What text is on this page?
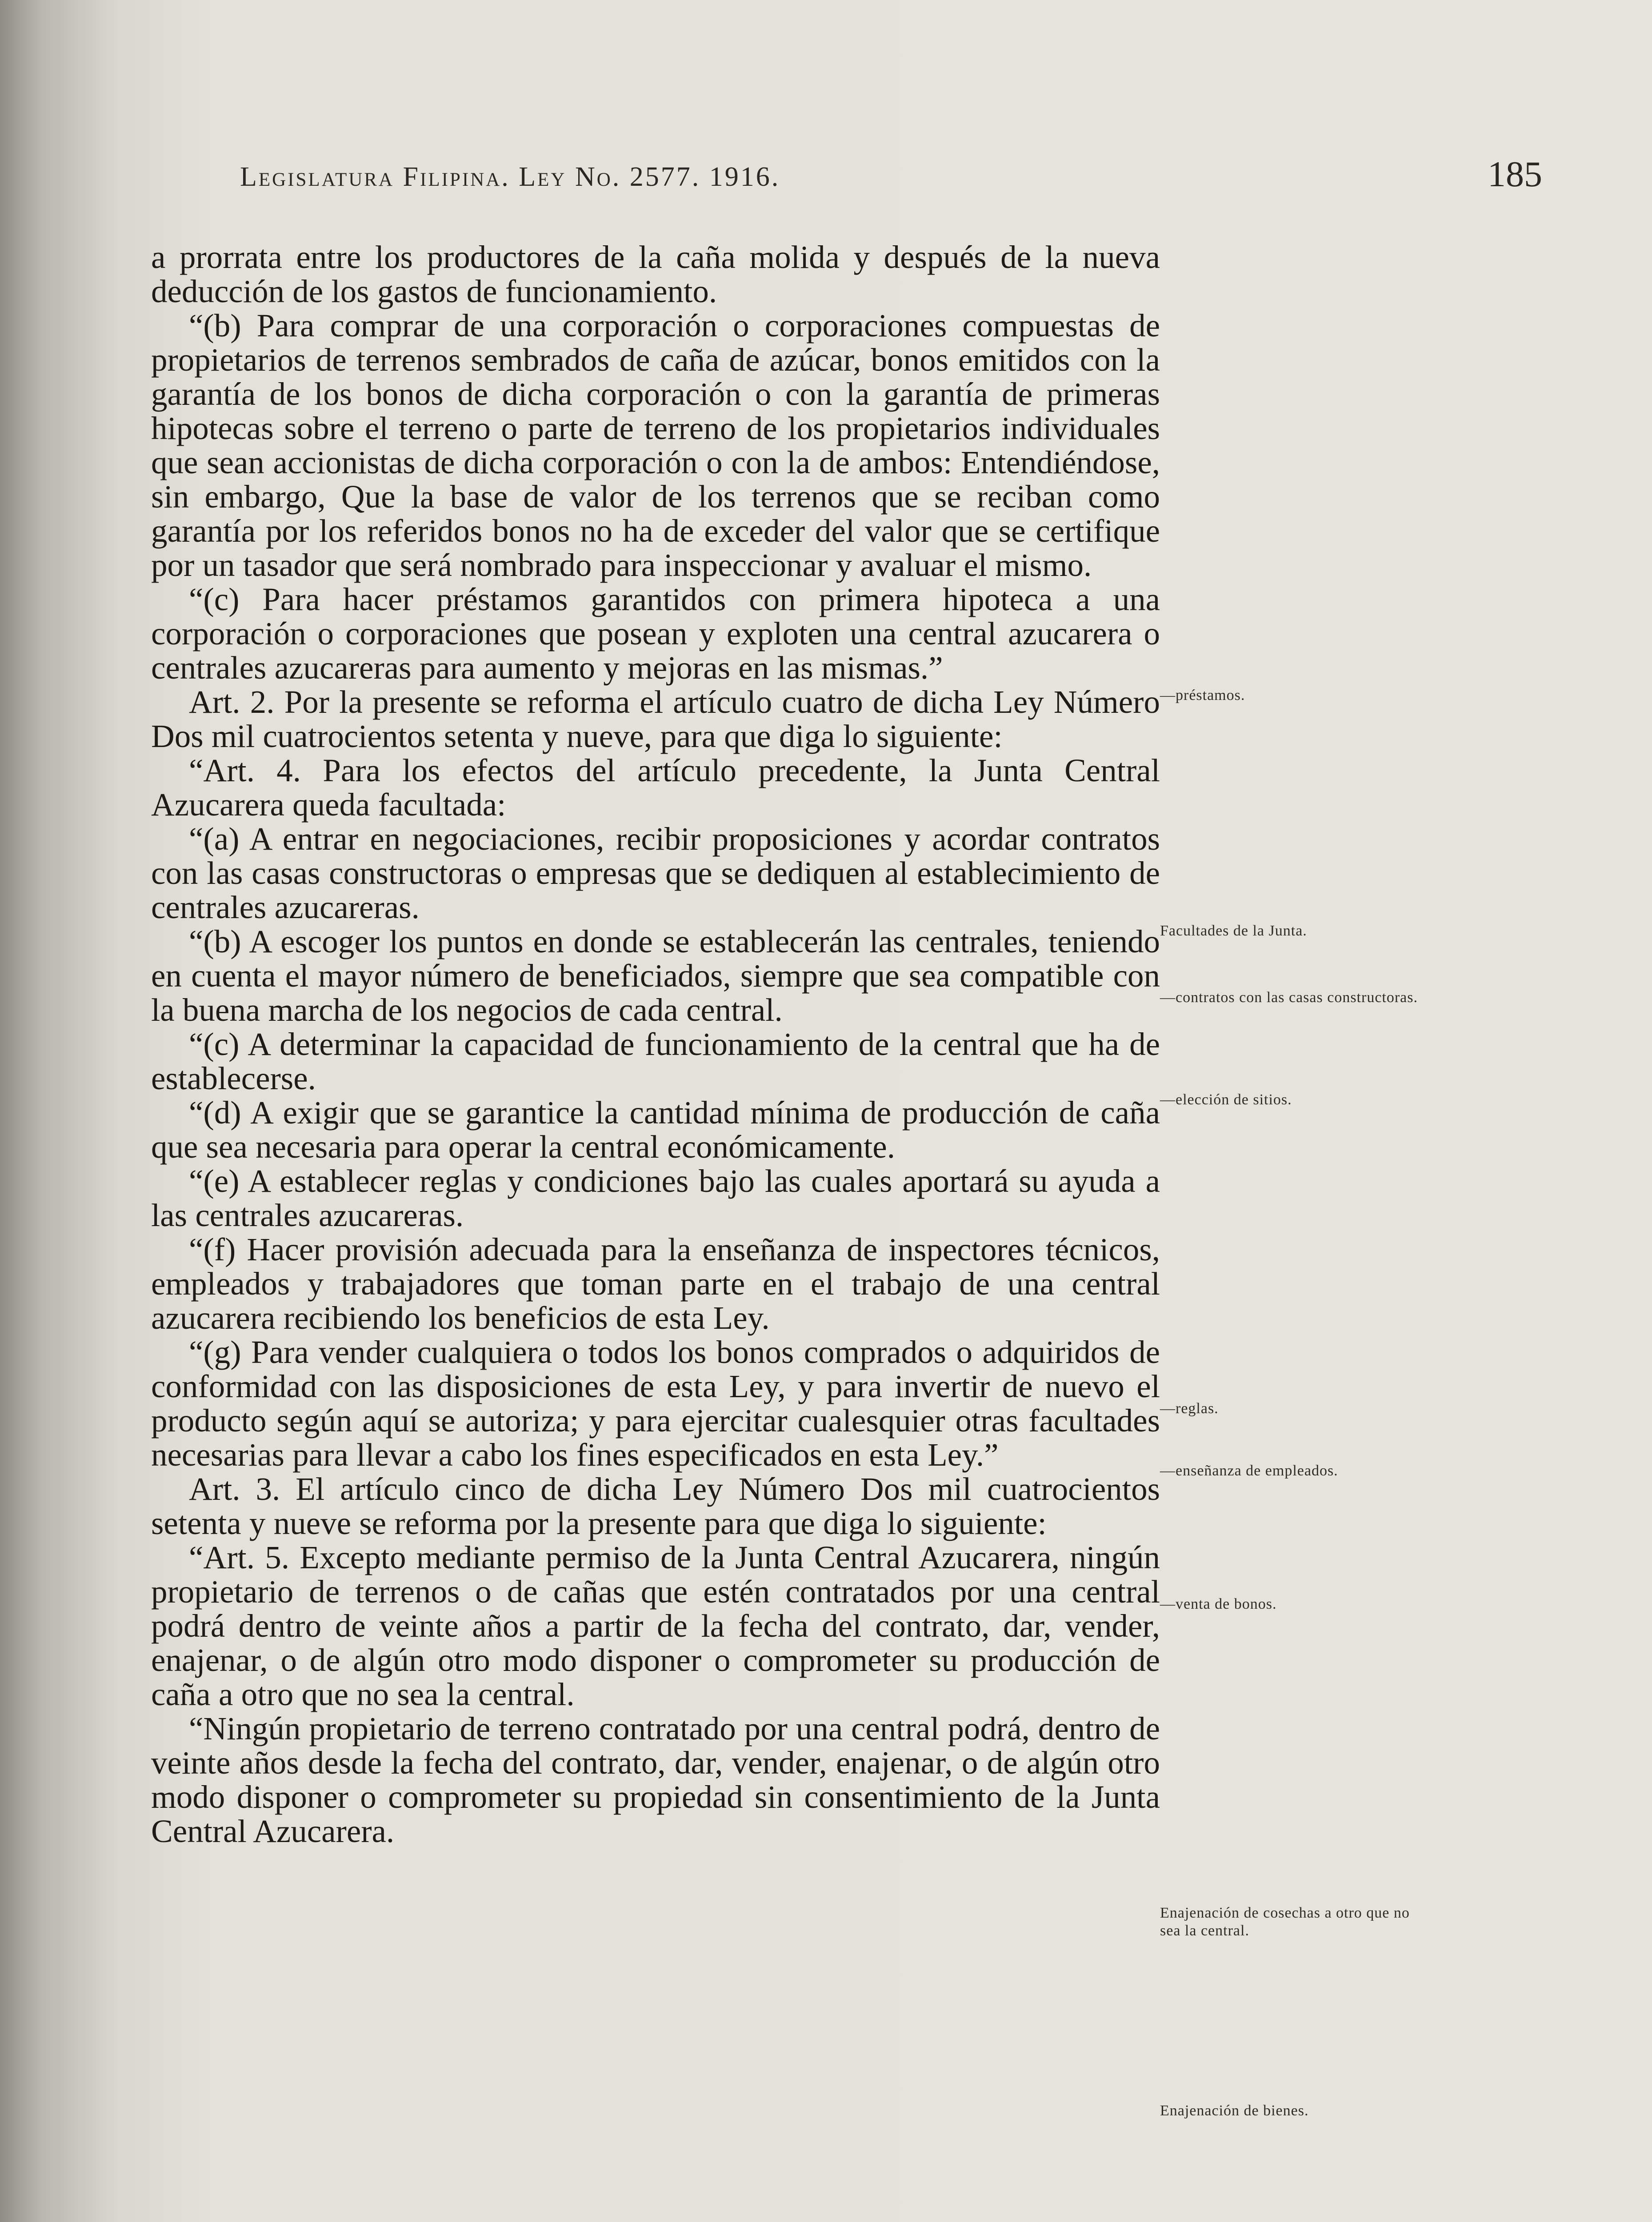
Legislatura Filipina. Ley No. 2577. 1916.	185

a prorrata entre los productores de la caña molida y después de la nueva deducción de los gastos de funcionamiento.

“(b) Para comprar de una corporación o corporaciones compuestas de propietarios de terrenos sembrados de caña de azúcar, bonos emitidos con la garantía de los bonos de dicha corporación o con la garantía de primeras hipotecas sobre el terreno o parte de terreno de los propietarios individuales que sean accionistas de dicha corporación o con la de ambos: Entendiéndose, sin embargo, Que la base de valor de los terrenos que se reciban como garantía por los referidos bonos no ha de exceder del valor que se certifique por un tasador que será nombrado para inspeccionar y avaluar el mismo.

“(c) Para hacer préstamos garantidos con primera hipoteca a una corporación o corporaciones que posean y exploten una central azucarera o centrales azucareras para aumento y mejoras en las mismas.”

Art. 2. Por la presente se reforma el artículo cuatro de dicha Ley Número Dos mil cuatrocientos setenta y nueve, para que diga lo siguiente:

“Art. 4. Para los efectos del artículo precedente, la Junta Central Azucarera queda facultada:

“(a) A entrar en negociaciones, recibir proposiciones y acordar contratos con las casas constructoras o empresas que se dediquen al establecimiento de centrales azucareras.

“(b) A escoger los puntos en donde se establecerán las centrales, teniendo en cuenta el mayor número de beneficiados, siempre que sea compatible con la buena marcha de los negocios de cada central.

“(c) A determinar la capacidad de funcionamiento de la central que ha de establecerse.

“(d) A exigir que se garantice la cantidad mínima de producción de caña que sea necesaria para operar la central económicamente.

“(e) A establecer reglas y condiciones bajo las cuales aportará su ayuda a las centrales azucareras.

“(f) Hacer provisión adecuada para la enseñanza de inspectores técnicos, empleados y trabajadores que toman parte en el trabajo de una central azucarera recibiendo los beneficios de esta Ley.

“(g) Para vender cualquiera o todos los bonos comprados o adquiridos de conformidad con las disposiciones de esta Ley, y para invertir de nuevo el producto según aquí se autoriza; y para ejercitar cualesquier otras facultades necesarias para llevar a cabo los fines especificados en esta Ley.”

Art. 3. El artículo cinco de dicha Ley Número Dos mil cuatrocientos setenta y nueve se reforma por la presente para que diga lo siguiente:

“Art. 5. Excepto mediante permiso de la Junta Central Azucarera, ningún propietario de terrenos o de cañas que estén contratados por una central podrá dentro de veinte años a partir de la fecha del contrato, dar, vender, enajenar, o de algún otro modo disponer o comprometer su producción de caña a otro que no sea la central.

“Ningún propietario de terreno contratado por una central podrá, dentro de veinte años desde la fecha del contrato, dar, vender, enajenar, o de algún otro modo disponer o comprometer su propiedad sin consentimiento de la Junta Central Azucarera.

—préstamos.
Facultades de la Junta.
—contratos con las casas constructoras.
—elección de sitios.
—reglas.
—enseñanza de empleados.
—venta de bonos.
Enajenación de cosechas a otro que no sea la central.
Enajenación de bienes.
